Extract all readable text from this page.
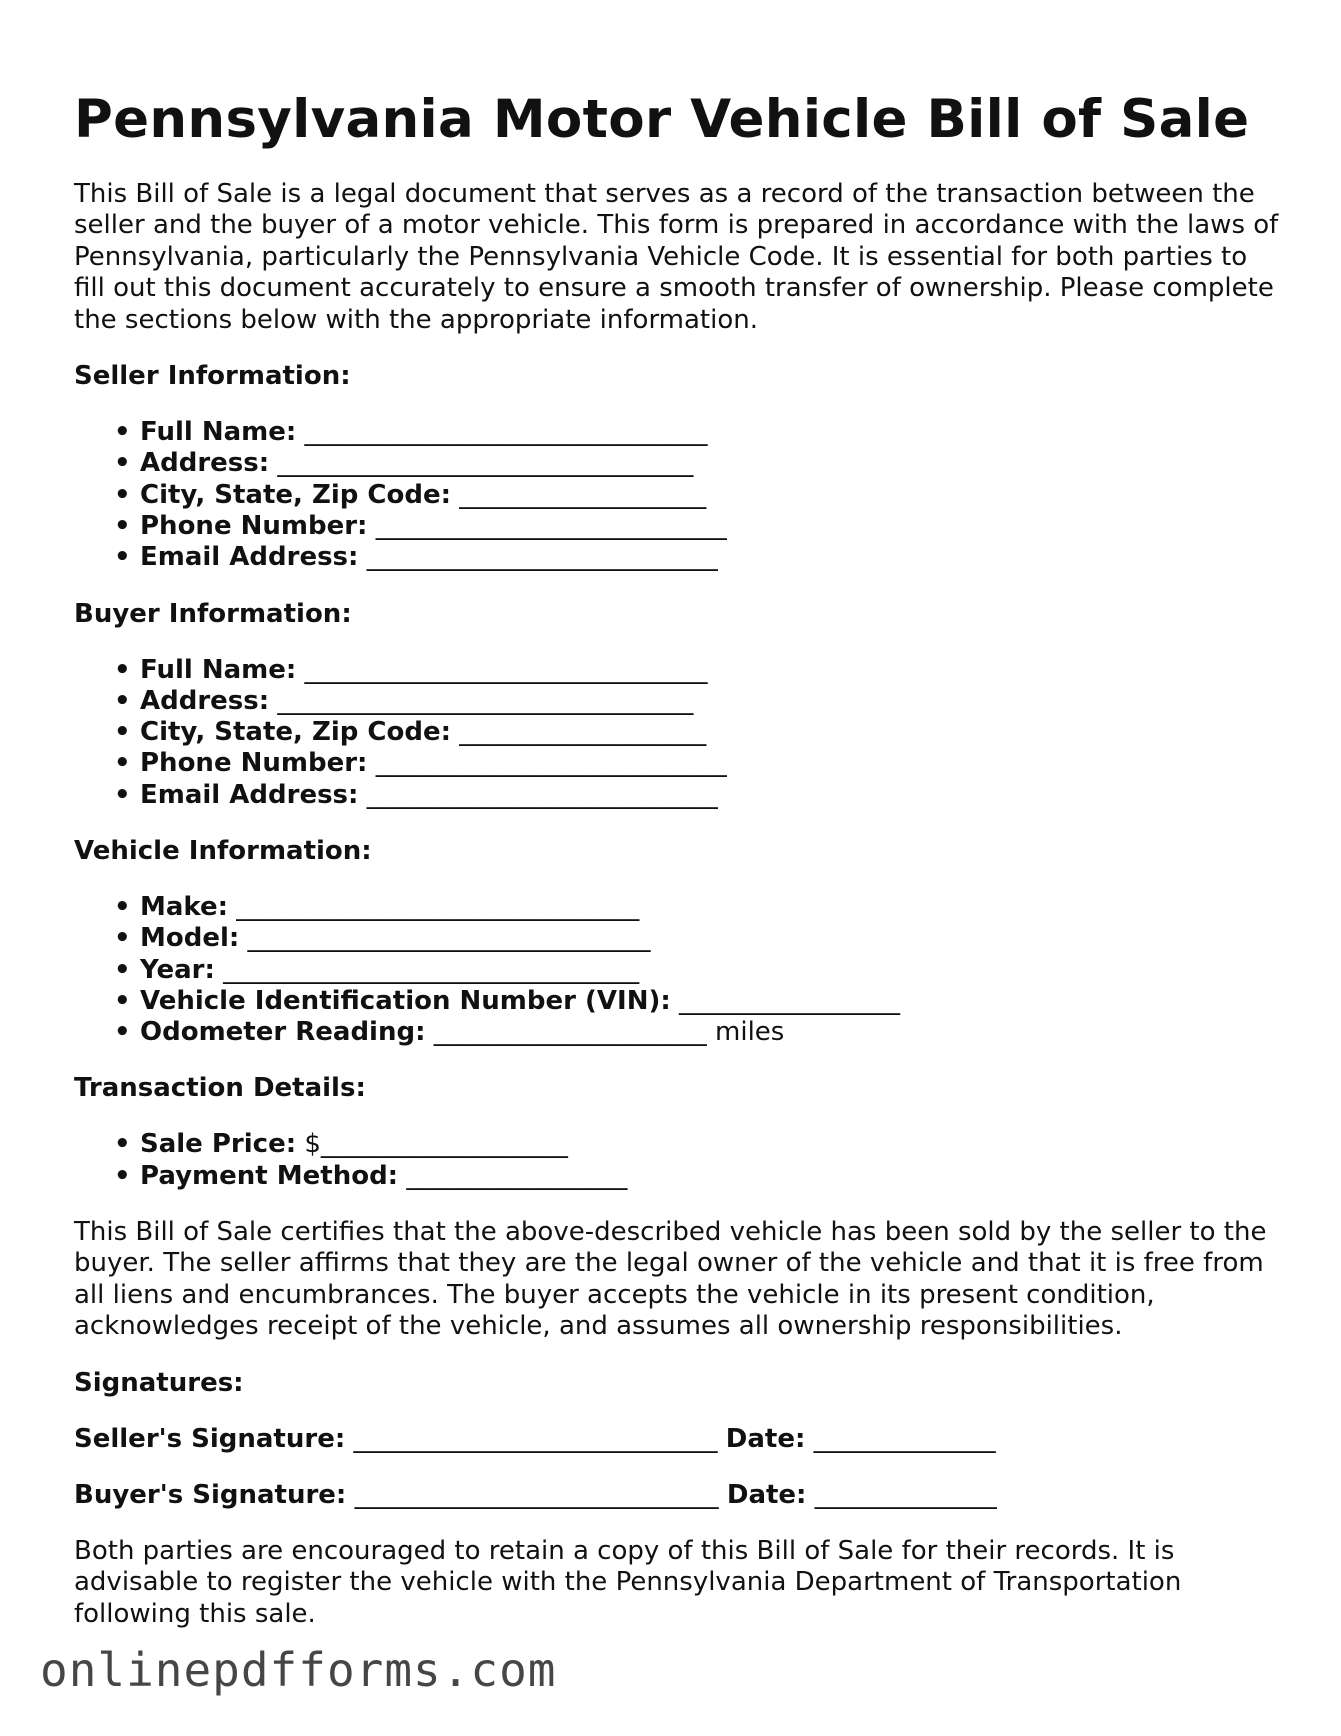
Pennsylvania Motor Vehicle Bill of Sale

This Bill of Sale is a legal document that serves as a record of the transaction between the seller and the buyer of a motor vehicle. This form is prepared in accordance with the laws of Pennsylvania, particularly the Pennsylvania Vehicle Code. It is essential for both parties to fill out this document accurately to ensure a smooth transfer of ownership. Please complete the sections below with the appropriate information.

Seller Information:

• Full Name: _______________________________
• Address: ________________________________
• City, State, Zip Code: ___________________
• Phone Number: ___________________________
• Email Address: ___________________________

Buyer Information:

• Full Name: _______________________________
• Address: ________________________________
• City, State, Zip Code: ___________________
• Phone Number: ___________________________
• Email Address: ___________________________

Vehicle Information:

• Make: _______________________________
• Model: _______________________________
• Year: ________________________________
• Vehicle Identification Number (VIN): _________________
• Odometer Reading: _____________________ miles

Transaction Details:

• Sale Price: $___________________
• Payment Method: _________________

This Bill of Sale certifies that the above-described vehicle has been sold by the seller to the buyer. The seller affirms that they are the legal owner of the vehicle and that it is free from all liens and encumbrances. The buyer accepts the vehicle in its present condition, acknowledges receipt of the vehicle, and assumes all ownership responsibilities.

Signatures:

Seller's Signature: ____________________________ Date: ______________

Buyer's Signature: ____________________________ Date: ______________

Both parties are encouraged to retain a copy of this Bill of Sale for their records. It is advisable to register the vehicle with the Pennsylvania Department of Transportation following this sale.

onlinepdfforms.com
